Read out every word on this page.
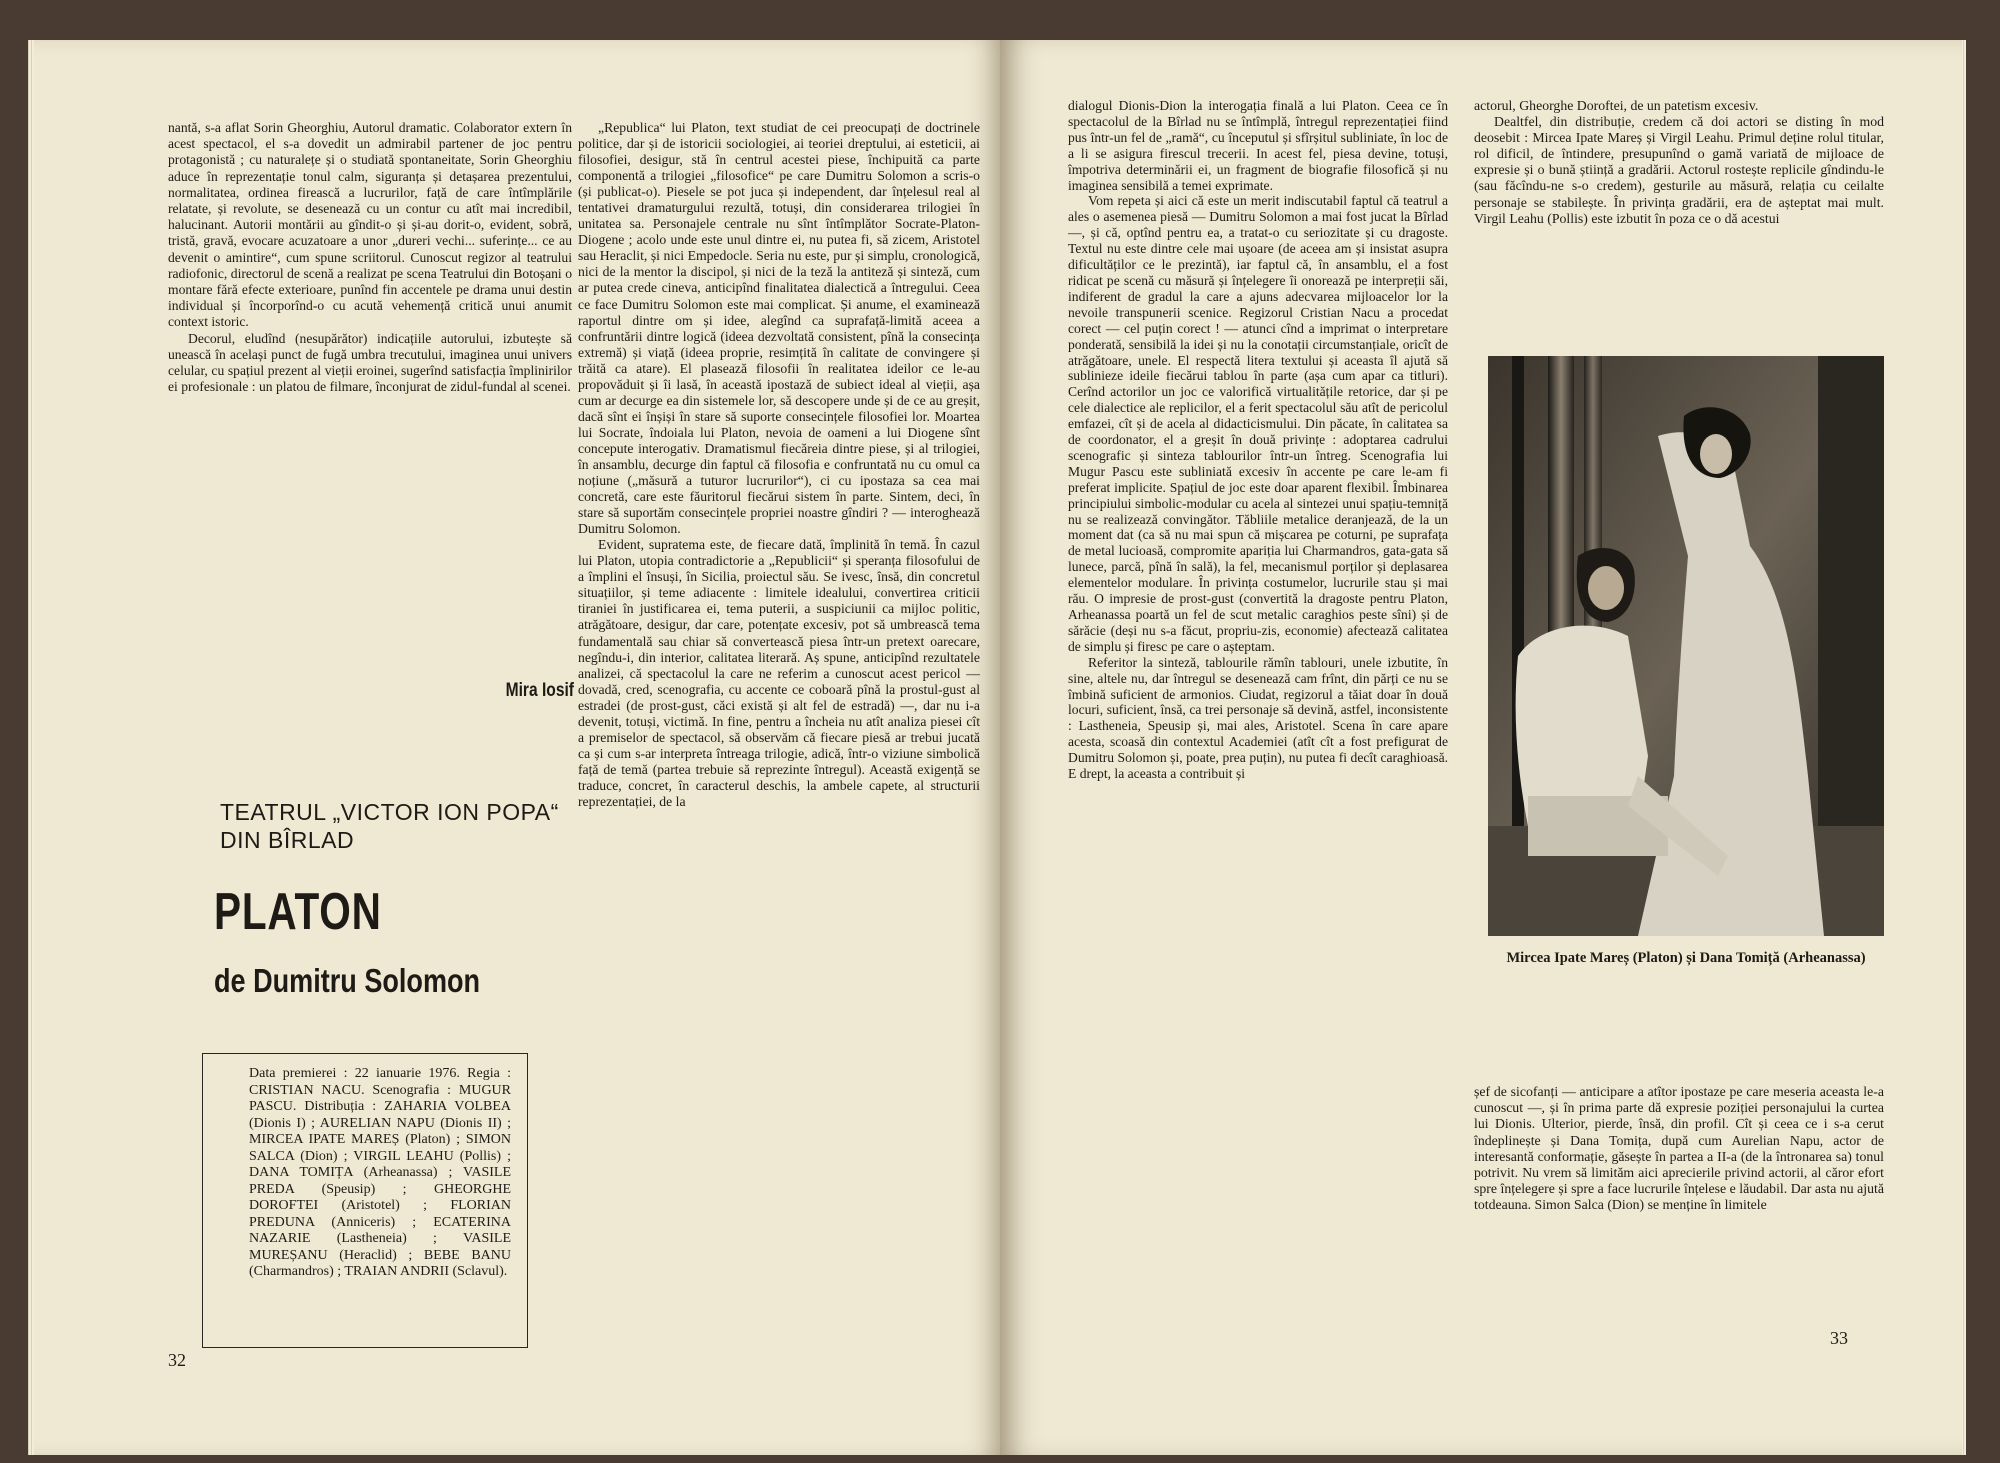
nantă, s-a aflat Sorin Gheorghiu, Autorul dramatic. Colaborator extern în acest spectacol, el s-a dovedit un admirabil partener de joc pentru protagonistă ; cu naturalețe și o studiată spontaneitate, Sorin Gheorghiu aduce în reprezentație tonul calm, siguranța și detașarea prezentului, normalitatea, ordinea firească a lucrurilor, față de care întîmplările relatate, și revolute, se desenează cu un contur cu atît mai incredibil, halucinant. Autorii montării au gîndit-o și și-au dorit-o, evident, sobră, tristă, gravă, evocare acuzatoare a unor „dureri vechi... suferințe... ce au devenit o amintire“, cum spune scriitorul. Cunoscut regizor al teatrului radiofonic, directorul de scenă a realizat pe scena Teatrului din Botoșani o montare fără efecte exterioare, punînd fin accentele pe drama unui destin individual și încorporînd-o cu acută vehemență critică unui anumit context istoric.

Decorul, eludînd (nesupărător) indicațiile autorului, izbutește să unească în același punct de fugă umbra trecutului, imaginea unui univers celular, cu spațiul prezent al vieții eroinei, sugerînd satisfacția împlinirilor ei profesionale : un platou de filmare, înconjurat de zidul-fundal al scenei.

Mira Iosif
TEATRUL „VICTOR ION POPA“ DIN BÎRLAD
PLATON
de Dumitru Solomon
Data premierei : 22 ianuarie 1976. Regia : CRISTIAN NACU. Scenografia : MUGUR PASCU. Distribuția : ZAHARIA VOLBEA (Dionis I) ; AURELIAN NAPU (Dionis II) ; MIRCEA IPATE MAREȘ (Platon) ; SIMON SALCA (Dion) ; VIRGIL LEAHU (Pollis) ; DANA TOMIȚA (Arheanassa) ; VASILE PREDA (Speusip) ; GHEORGHE DOROFTEI (Aristotel) ; FLORIAN PREDUNA (Anniceris) ; ECATERINA NAZARIE (Lastheneia) ; VASILE MUREȘANU (Heraclid) ; BEBE BANU (Charmandros) ; TRAIAN ANDRII (Sclavul).

„Republica“ lui Platon, text studiat de cei preocupați de doctrinele politice, dar și de istoricii sociologiei, ai teoriei dreptului, ai esteticii, ai filosofiei, desigur, stă în centrul acestei piese, închipuită ca parte componentă a trilogiei „filosofice“ pe care Dumitru Solomon a scris-o (și publicat-o). Piesele se pot juca și independent, dar înțelesul real al tentativei dramaturgului rezultă, totuși, din considerarea trilogiei în unitatea sa. Personajele centrale nu sînt întîmplător Socrate-Platon-Diogene ; acolo unde este unul dintre ei, nu putea fi, să zicem, Aristotel sau Heraclit, și nici Empedocle. Seria nu este, pur și simplu, cronologică, nici de la mentor la discipol, și nici de la teză la antiteză și sinteză, cum ar putea crede cineva, anticipînd finalitatea dialectică a întregului. Ceea ce face Dumitru Solomon este mai complicat. Și anume, el examinează raportul dintre om și idee, alegînd ca suprafață-limită aceea a confruntării dintre logică (ideea dezvoltată consistent, pînă la consecința extremă) și viață (ideea proprie, resimțită în calitate de convingere și trăită ca atare). El plasează filosofii în realitatea ideilor ce le-au propovăduit și îi lasă, în această ipostază de subiect ideal al vieții, așa cum ar decurge ea din sistemele lor, să descopere unde și de ce au greșit, dacă sînt ei înșiși în stare să suporte consecințele filosofiei lor. Moartea lui Socrate, îndoiala lui Platon, nevoia de oameni a lui Diogene sînt concepute interogativ. Dramatismul fiecăreia dintre piese, și al trilogiei, în ansamblu, decurge din faptul că filosofia e confruntată nu cu omul ca noțiune („măsură a tuturor lucrurilor“), ci cu ipostaza sa cea mai concretă, care este făuritorul fiecărui sistem în parte. Sintem, deci, în stare să suportăm consecințele propriei noastre gîndiri ? — interoghează Dumitru Solomon.

Evident, supratema este, de fiecare dată, împlinită în temă. În cazul lui Platon, utopia contradictorie a „Republicii“ și speranța filosofului de a împlini el însuși, în Sicilia, proiectul său. Se ivesc, însă, din concretul situațiilor, și teme adiacente : limitele idealului, convertirea criticii tiraniei în justificarea ei, tema puterii, a suspiciunii ca mijloc politic, atrăgătoare, desigur, dar care, potențate excesiv, pot să umbrească tema fundamentală sau chiar să convertească piesa într-un pretext oarecare, negîndu-i, din interior, calitatea literară. Aș spune, anticipînd rezultatele analizei, că spectacolul la care ne referim a cunoscut acest pericol — dovadă, cred, scenografia, cu accente ce coboară pînă la prostul-gust al estradei (de prost-gust, căci există și alt fel de estradă) —, dar nu i-a devenit, totuși, victimă. In fine, pentru a încheia nu atît analiza piesei cît a premiselor de spectacol, să observăm că fiecare piesă ar trebui jucată ca și cum s-ar interpreta întreaga trilogie, adică, într-o viziune simbolică față de temă (partea trebuie să reprezinte întregul). Această exigență se traduce, concret, în caracterul deschis, la ambele capete, al structurii reprezentației, de la

32

dialogul Dionis-Dion la interogația finală a lui Platon. Ceea ce în spectacolul de la Bîrlad nu se întîmplă, întregul reprezentației fiind pus într-un fel de „ramă“, cu începutul și sfîrșitul subliniate, în loc de a li se asigura firescul trecerii. In acest fel, piesa devine, totuși, împotriva determinării ei, un fragment de biografie filosofică și nu imaginea sensibilă a temei exprimate.

Vom repeta și aici că este un merit indiscutabil faptul că teatrul a ales o asemenea piesă — Dumitru Solomon a mai fost jucat la Bîrlad —, și că, optînd pentru ea, a tratat-o cu seriozitate și cu dragoste. Textul nu este dintre cele mai ușoare (de aceea am și insistat asupra dificultăților ce le prezintă), iar faptul că, în ansamblu, el a fost ridicat pe scenă cu măsură și înțelegere îi onorează pe interpreții săi, indiferent de gradul la care a ajuns adecvarea mijloacelor lor la nevoile transpunerii scenice. Regizorul Cristian Nacu a procedat corect — cel puțin corect ! — atunci cînd a imprimat o interpretare ponderată, sensibilă la idei și nu la conotații circumstanțiale, oricît de atrăgătoare, unele. El respectă litera textului și aceasta îl ajută să sublinieze ideile fiecărui tablou în parte (așa cum apar ca titluri). Cerînd actorilor un joc ce valorifică virtualitățile retorice, dar și pe cele dialectice ale replicilor, el a ferit spectacolul său atît de pericolul emfazei, cît și de acela al didacticismului. Din păcate, în calitatea sa de coordonator, el a greșit în două privințe : adoptarea cadrului scenografic și sinteza tablourilor într-un întreg. Scenografia lui Mugur Pascu este subliniată excesiv în accente pe care le-am fi preferat implicite. Spațiul de joc este doar aparent flexibil. Îmbinarea principiului simbolic-modular cu acela al sintezei unui spațiu-temniță nu se realizează convingător. Tăbliile metalice deranjează, de la un moment dat (ca să nu mai spun că mișcarea pe coturni, pe suprafața de metal lucioasă, compromite apariția lui Charmandros, gata-gata să lunece, parcă, pînă în sală), la fel, mecanismul porților și deplasarea elementelor modulare. În privința costumelor, lucrurile stau și mai rău. O impresie de prost-gust (convertită la dragoste pentru Platon, Arheanassa poartă un fel de scut metalic caraghios peste sîni) și de sărăcie (deși nu s-a făcut, propriu-zis, economie) afectează calitatea de simplu și firesc pe care o așteptam.

Referitor la sinteză, tablourile rămîn tablouri, unele izbutite, în sine, altele nu, dar întregul se desenează cam frînt, din părți ce nu se îmbină suficient de armonios. Ciudat, regizorul a tăiat doar în două locuri, suficient, însă, ca trei personaje să devină, astfel, inconsistente : Lastheneia, Speusip și, mai ales, Aristotel. Scena în care apare acesta, scoasă din contextul Academiei (atît cît a fost prefigurat de Dumitru Solomon și, poate, prea puțin), nu putea fi decît caraghioasă. E drept, la aceasta a contribuit și

actorul, Gheorghe Doroftei, de un patetism excesiv.

Dealtfel, din distribuție, credem că doi actori se disting în mod deosebit : Mircea Ipate Mareș și Virgil Leahu. Primul deține rolul titular, rol dificil, de întindere, presupunînd o gamă variată de mijloace de expresie și o bună știință a gradării. Actorul rostește replicile gîndindu-le (sau făcîndu-ne s-o credem), gesturile au măsură, relația cu ceilalte personaje se stabilește. În privința gradării, era de așteptat mai mult. Virgil Leahu (Pollis) este izbutit în poza ce o dă acestui

Mircea Ipate Mareș (Platon) și Dana Tomiță (Arheanassa)

șef de sicofanți — anticipare a atîtor ipostaze pe care meseria aceasta le-a cunoscut —, și în prima parte dă expresie poziției personajului la curtea lui Dionis. Ulterior, pierde, însă, din profil. Cît și ceea ce i s-a cerut îndeplinește și Dana Tomița, după cum Aurelian Napu, actor de interesantă conformație, găsește în partea a II-a (de la întronarea sa) tonul potrivit. Nu vrem să limităm aici aprecierile privind actorii, al căror efort spre înțelegere și spre a face lucrurile înțelese e lăudabil. Dar asta nu ajută totdeauna. Simon Salca (Dion) se menține în limitele

33
